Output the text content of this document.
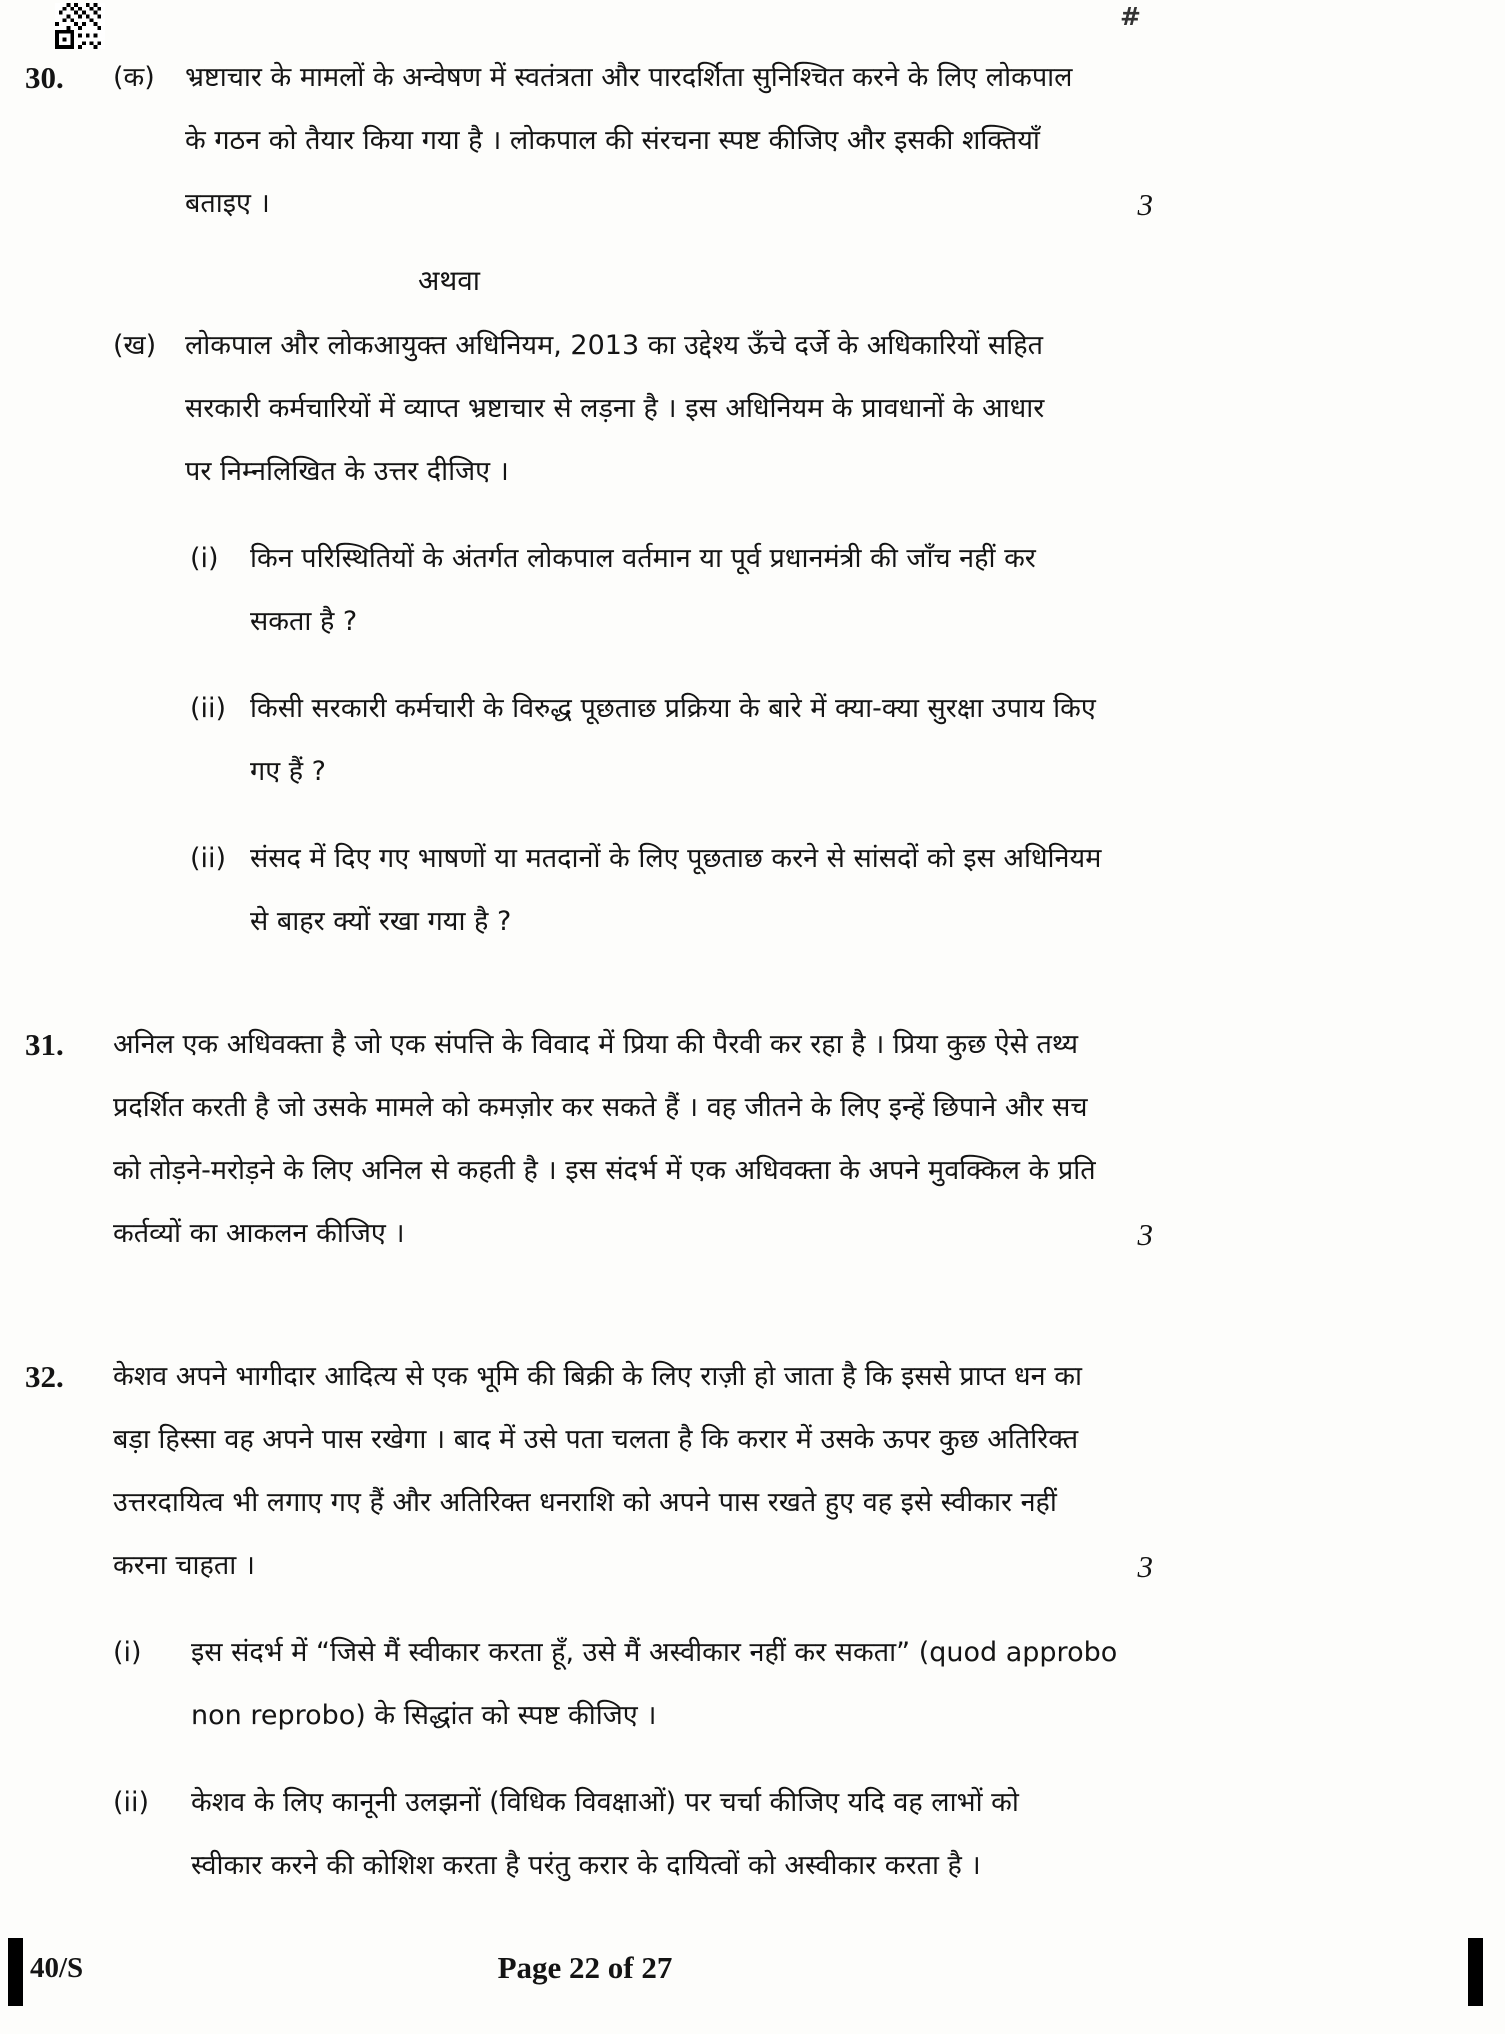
#
30.	(क)	भ्रष्टाचार के मामलों के अन्वेषण में स्वतंत्रता और पारदर्शिता सुनिश्चित करने के लिए लोकपाल
के गठन को तैयार किया गया है । लोकपाल की संरचना स्पष्ट कीजिए और इसकी शक्तियाँ
बताइए ।	3
अथवा
(ख)	लोकपाल और लोकआयुक्त अधिनियम, 2013 का उद्देश्य ऊँचे दर्जे के अधिकारियों सहित
सरकारी कर्मचारियों में व्याप्त भ्रष्टाचार से लड़ना है । इस अधिनियम के प्रावधानों के आधार
पर निम्नलिखित के उत्तर दीजिए ।
(i)	किन परिस्थितियों के अंतर्गत लोकपाल वर्तमान या पूर्व प्रधानमंत्री की जाँच नहीं कर
सकता है ?
(ii) किसी सरकारी कर्मचारी के विरुद्ध पूछताछ प्रक्रिया के बारे में क्या-क्या सुरक्षा उपाय किए
गए हैं ?
(ii) संसद में दिए गए भाषणों या मतदानों के लिए पूछताछ करने से सांसदों को इस अधिनियम
से बाहर क्यों रखा गया है ?
31.	अनिल एक अधिवक्ता है जो एक संपत्ति के विवाद में प्रिया की पैरवी कर रहा है । प्रिया कुछ ऐसे तथ्य
प्रदर्शित करती है जो उसके मामले को कमज़ोर कर सकते हैं । वह जीतने के लिए इन्हें छिपाने और सच
को तोड़ने-मरोड़ने के लिए अनिल से कहती है । इस संदर्भ में एक अधिवक्ता के अपने मुवक्किल के प्रति
कर्तव्यों का आकलन कीजिए ।	3
32.	केशव अपने भागीदार आदित्य से एक भूमि की बिक्री के लिए राज़ी हो जाता है कि इससे प्राप्त धन का
बड़ा हिस्सा वह अपने पास रखेगा । बाद में उसे पता चलता है कि करार में उसके ऊपर कुछ अतिरिक्त
उत्तरदायित्व भी लगाए गए हैं और अतिरिक्त धनराशि को अपने पास रखते हुए वह इसे स्वीकार नहीं
करना चाहता ।	3
(i)	इस संदर्भ में “जिसे मैं स्वीकार करता हूँ, उसे मैं अस्वीकार नहीं कर सकता” (quod approbo
non reprobo) के सिद्धांत को स्पष्ट कीजिए ।
(ii)	केशव के लिए कानूनी उलझनों (विधिक विवक्षाओं) पर चर्चा कीजिए यदि वह लाभों को
स्वीकार करने की कोशिश करता है परंतु करार के दायित्वों को अस्वीकार करता है ।
40/S	Page 22 of 27
